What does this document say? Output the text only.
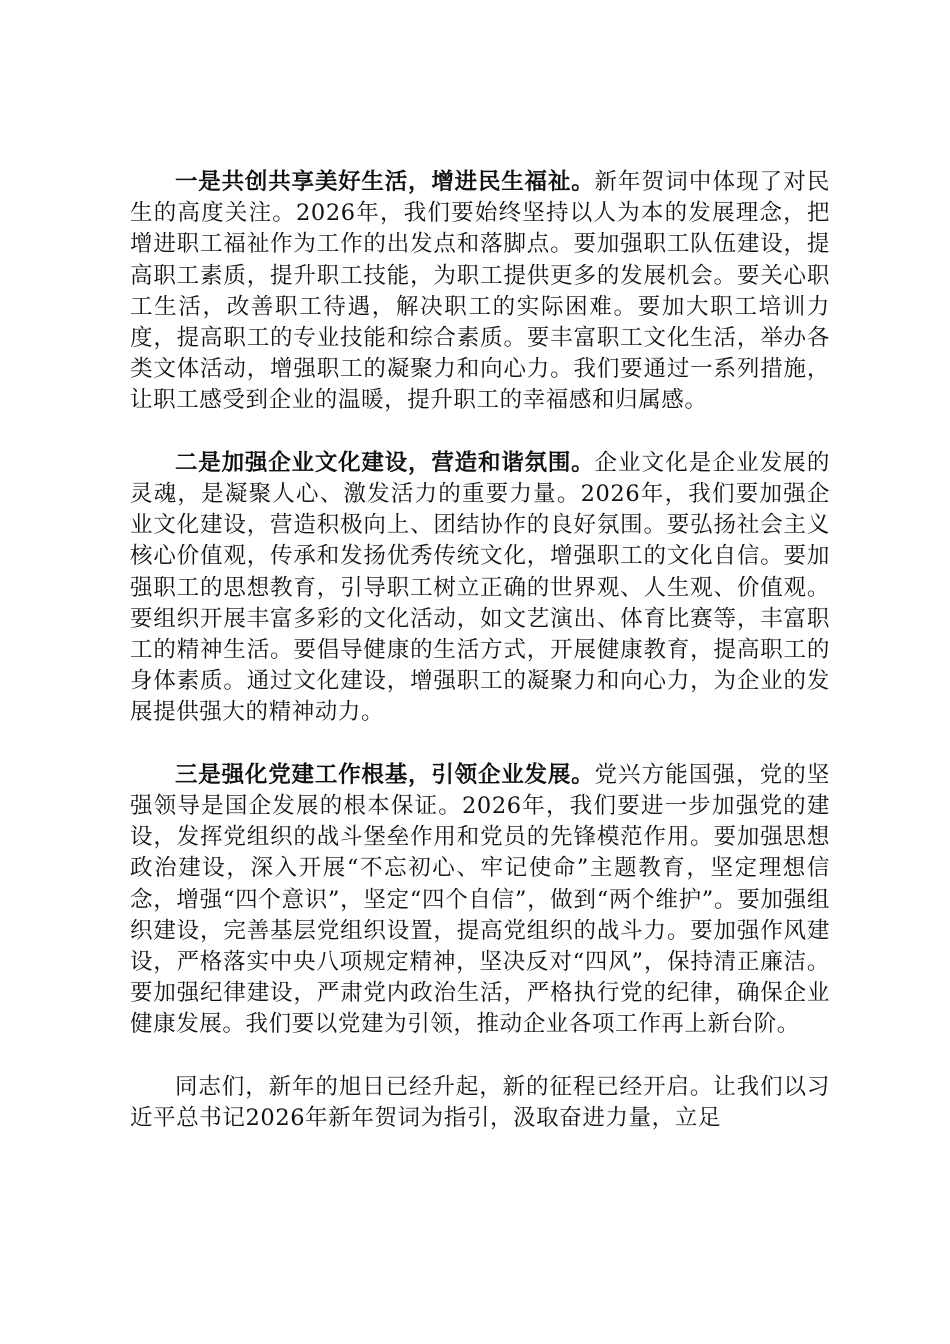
一是共创共享美好生活，增进民生福祉。新年贺词中体现了对民生的高度关注。2026年，我们要始终坚持以人为本的发展理念，把增进职工福祉作为工作的出发点和落脚点。要加强职工队伍建设，提高职工素质，提升职工技能，为职工提供更多的发展机会。要关心职工生活，改善职工待遇，解决职工的实际困难。要加大职工培训力度，提高职工的专业技能和综合素质。要丰富职工文化生活，举办各类文体活动，增强职工的凝聚力和向心力。我们要通过一系列措施，让职工感受到企业的温暖，提升职工的幸福感和归属感。

二是加强企业文化建设，营造和谐氛围。企业文化是企业发展的灵魂，是凝聚人心、激发活力的重要力量。2026年，我们要加强企业文化建设，营造积极向上、团结协作的良好氛围。要弘扬社会主义核心价值观，传承和发扬优秀传统文化，增强职工的文化自信。要加强职工的思想教育，引导职工树立正确的世界观、人生观、价值观。要组织开展丰富多彩的文化活动，如文艺演出、体育比赛等，丰富职工的精神生活。要倡导健康的生活方式，开展健康教育，提高职工的身体素质。通过文化建设，增强职工的凝聚力和向心力，为企业的发展提供强大的精神动力。

三是强化党建工作根基，引领企业发展。党兴方能国强，党的坚强领导是国企发展的根本保证。2026年，我们要进一步加强党的建设，发挥党组织的战斗堡垒作用和党员的先锋模范作用。要加强思想政治建设，深入开展“不忘初心、牢记使命”主题教育，坚定理想信念，增强“四个意识”，坚定“四个自信”，做到“两个维护”。要加强组织建设，完善基层党组织设置，提高党组织的战斗力。要加强作风建设，严格落实中央八项规定精神，坚决反对“四风”，保持清正廉洁。要加强纪律建设，严肃党内政治生活，严格执行党的纪律，确保企业健康发展。我们要以党建为引领，推动企业各项工作再上新台阶。

同志们，新年的旭日已经升起，新的征程已经开启。让我们以习近平总书记2026年新年贺词为指引，汲取奋进力量，立足
